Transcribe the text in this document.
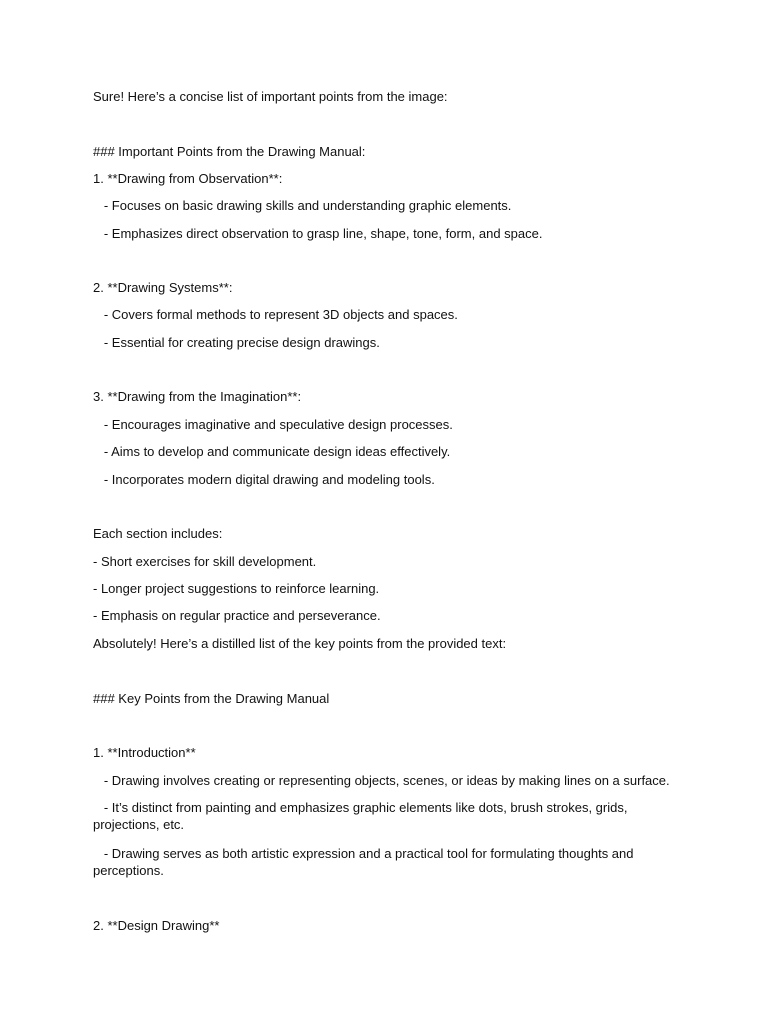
Sure! Here’s a concise list of important points from the image:

### Important Points from the Drawing Manual:

1. **Drawing from Observation**:

- Focuses on basic drawing skills and understanding graphic elements.

- Emphasizes direct observation to grasp line, shape, tone, form, and space.

2. **Drawing Systems**:

- Covers formal methods to represent 3D objects and spaces.

- Essential for creating precise design drawings.

3. **Drawing from the Imagination**:

- Encourages imaginative and speculative design processes.

- Aims to develop and communicate design ideas effectively.

- Incorporates modern digital drawing and modeling tools.

Each section includes:

- Short exercises for skill development.

- Longer project suggestions to reinforce learning.

- Emphasis on regular practice and perseverance.

Absolutely! Here’s a distilled list of the key points from the provided text:

### Key Points from the Drawing Manual

1. **Introduction**

- Drawing involves creating or representing objects, scenes, or ideas by making lines on a surface.

- It’s distinct from painting and emphasizes graphic elements like dots, brush strokes, grids, projections, etc.

- Drawing serves as both artistic expression and a practical tool for formulating thoughts and perceptions.

2. **Design Drawing**
